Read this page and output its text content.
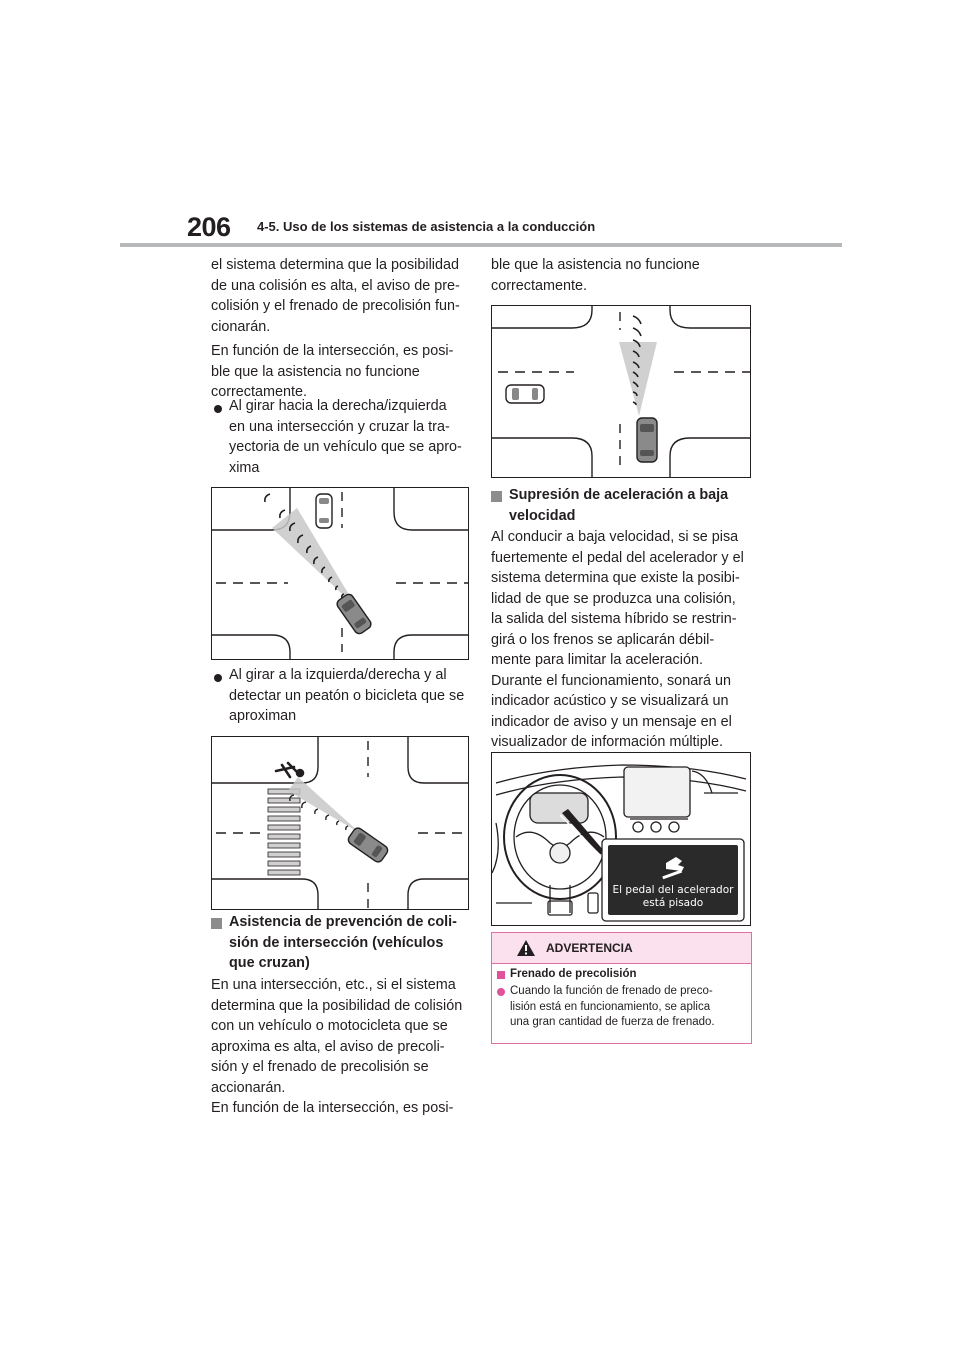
206 4-5. Uso de los sistemas de asistencia a la conducción
el sistema determina que la posibilidad
de una colisión es alta, el aviso de pre-
colisión y el frenado de precolisión fun-
cionarán.
En función de la intersección, es posi-
ble que la asistencia no funcione
correctamente.
Al girar hacia la derecha/izquierda
en una intersección y cruzar la tra-
yectoria de un vehículo que se apro-
xima
Al girar a la izquierda/derecha y al
detectar un peatón o bicicleta que se
aproximan
Asistencia de prevención de coli-
sión de intersección (vehículos
que cruzan)
En una intersección, etc., si el sistema
determina que la posibilidad de colisión
con un vehículo o motocicleta que se
aproxima es alta, el aviso de precoli-
sión y el frenado de precolisión se
accionarán.
En función de la intersección, es posi-
ble que la asistencia no funcione
correctamente.
Supresión de aceleración a baja
velocidad
Al conducir a baja velocidad, si se pisa
fuertemente el pedal del acelerador y el
sistema determina que existe la posibi-
lidad de que se produzca una colisión,
la salida del sistema híbrido se restrin-
girá o los frenos se aplicarán débil-
mente para limitar la aceleración.
Durante el funcionamiento, sonará un
indicador acústico y se visualizará un
indicador de aviso y un mensaje en el
visualizador de información múltiple.
El pedal del acelerador
está pisado
ADVERTENCIA
Frenado de precolisión
Cuando la función de frenado de preco-
lisión está en funcionamiento, se aplica
una gran cantidad de fuerza de frenado.
